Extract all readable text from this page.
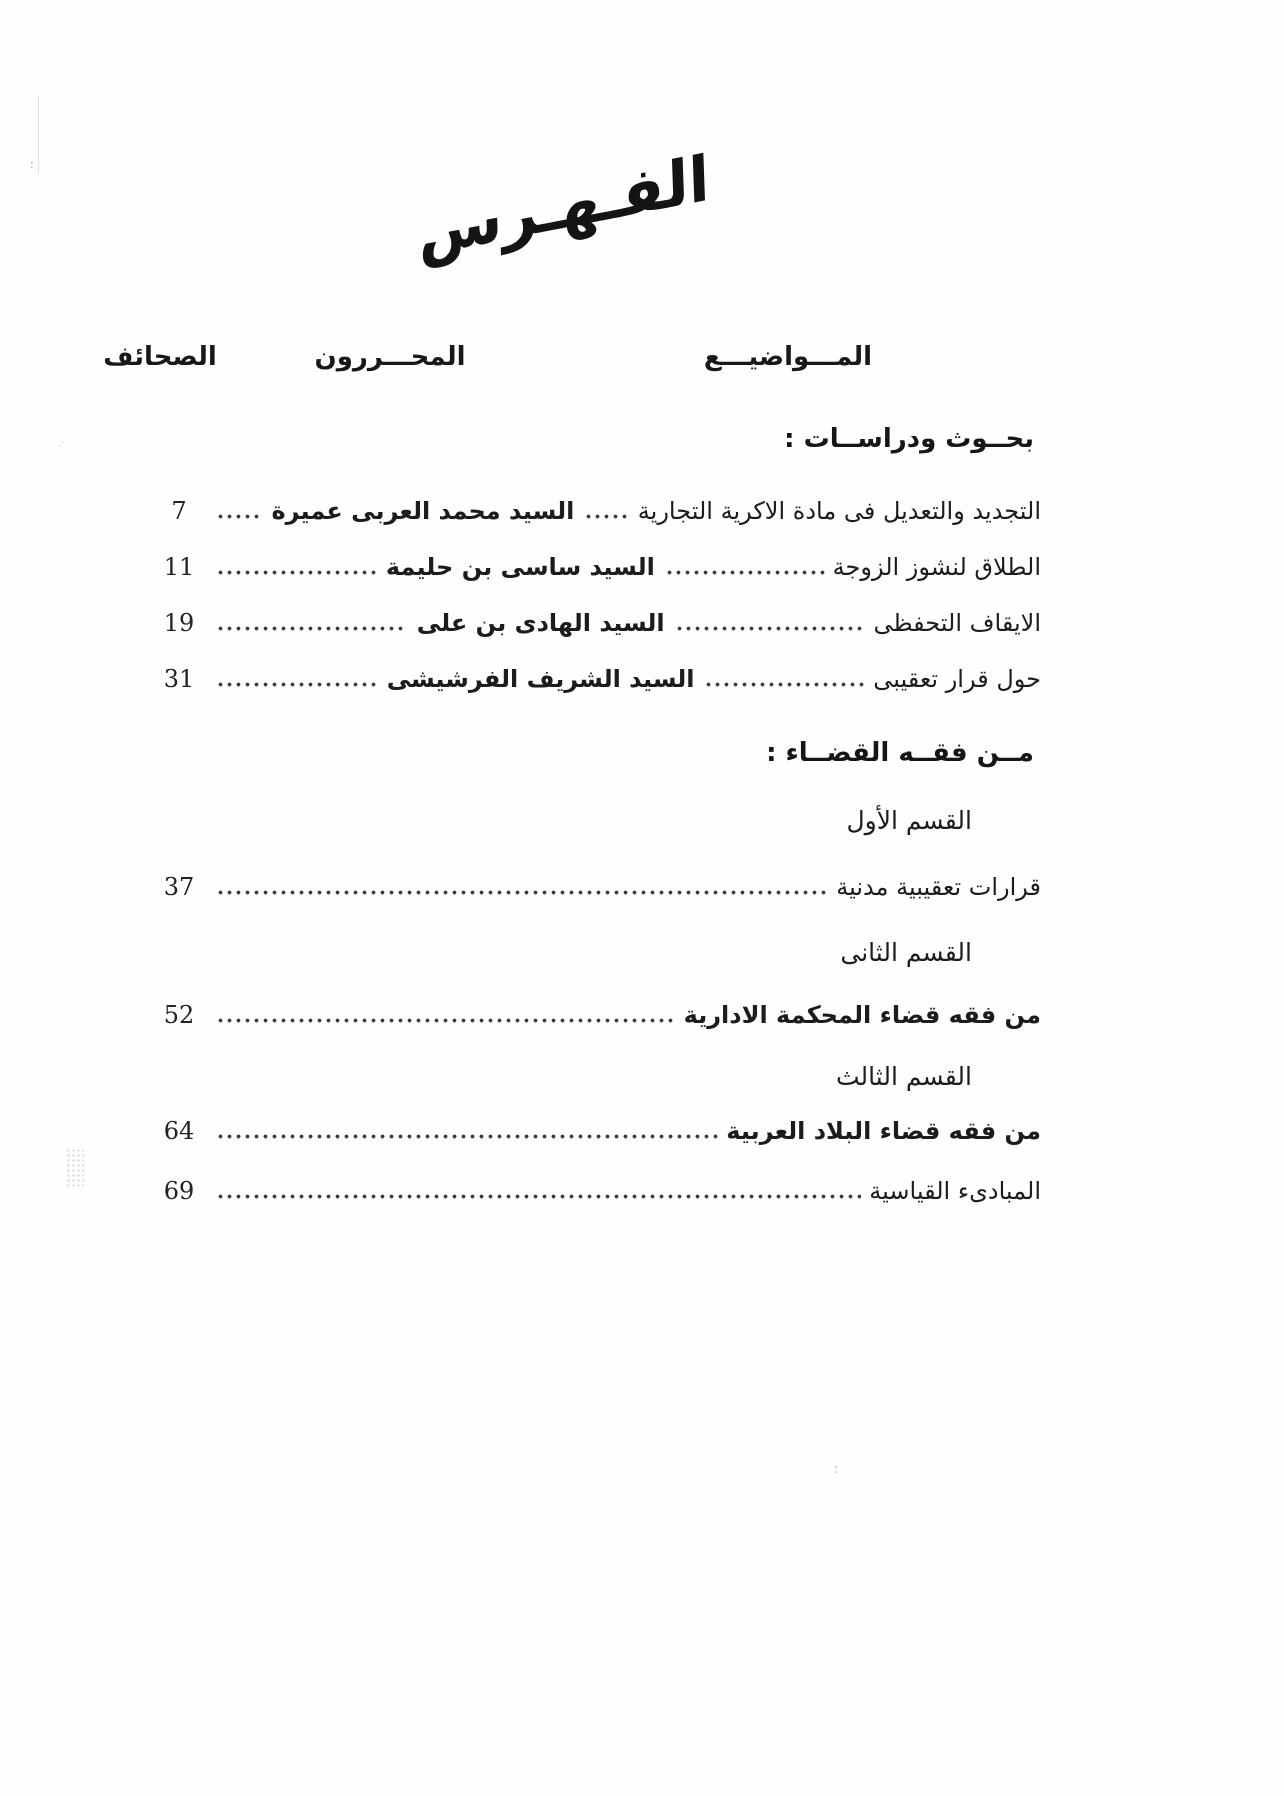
الفـهـرس
المـــواضيـــع
المحـــررون
الصحائف
بحــوث ودراســات :
التجديد والتعديل فى مادة الاكرية التجارية
السيد محمد العربى عميرة
7
الطلاق لنشوز الزوجة
السيد ساسى بن حليمة
11
الايقاف التحفظى
السيد الهادى بن على
19
حول قرار تعقيبى
السيد الشريف الفرشيشى
31
مــن فقــه القضــاء :
القسم الأول
قرارات تعقيبية مدنية
37
القسم الثانى
من فقه قضاء المحكمة الادارية
52
القسم الثالث
من فقه قضاء البلاد العربية
64
المبادىء القياسية
69
:
·.
؛
